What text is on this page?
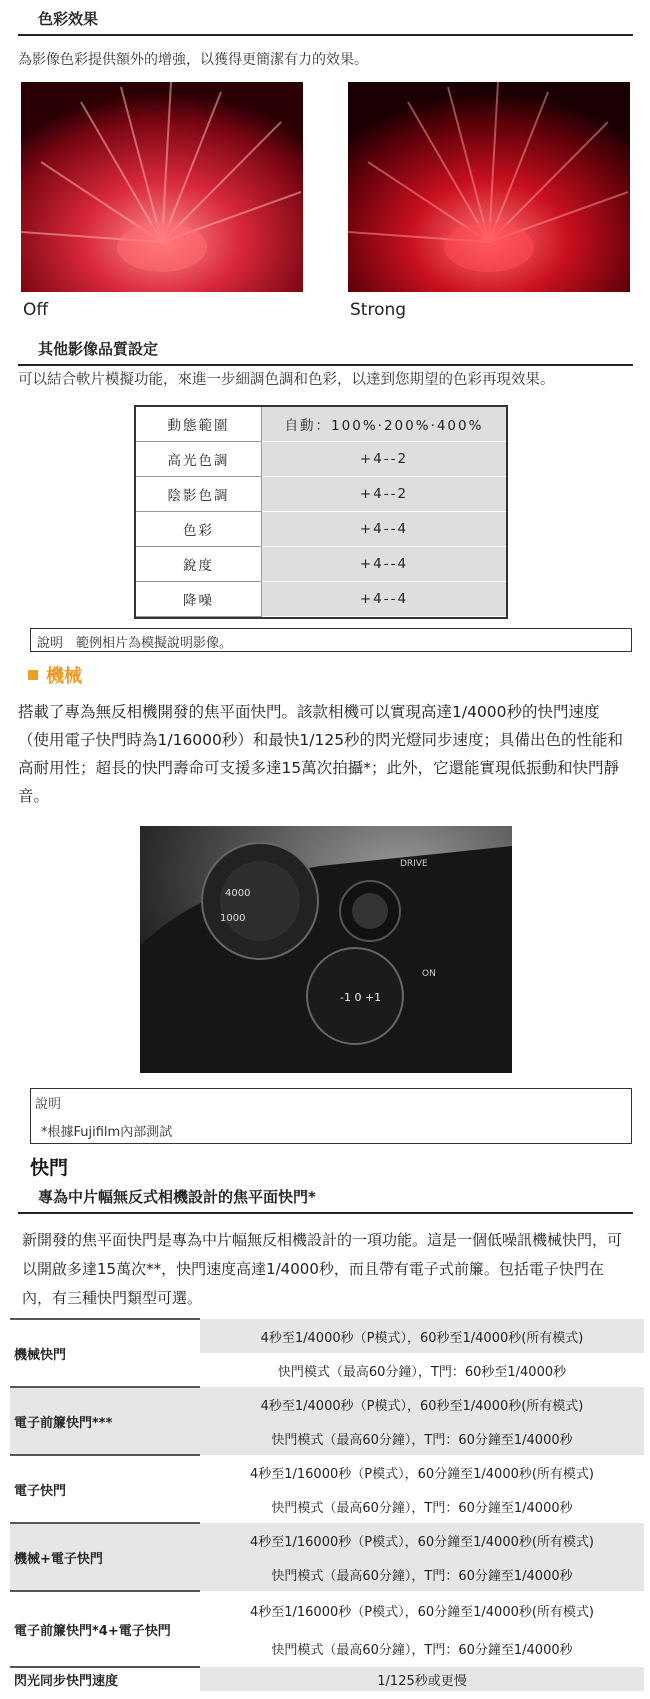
色彩效果
為影像色彩提供額外的增強，以獲得更簡潔有力的效果。
Off	Strong
其他影像品質設定
可以結合軟片模擬功能，來進一步細調色調和色彩，以達到您期望的色彩再現效果。
動態範圍	自動：100%·200%·400%
高光色調	+4--2
陰影色調	+4--2
色彩	+4--4
銳度	+4--4
降噪	+4--4
說明　範例相片為模擬說明影像。
機械
搭載了專為無反相機開發的焦平面快門。該款相機可以實現高達1/4000秒的快門速度（使用電子快門時為1/16000秒）和最快1/125秒的閃光燈同步速度；具備出色的性能和高耐用性；超長的快門壽命可支援多達15萬次拍攝*；此外，它還能實現低振動和快門靜音。
4000
1000
-1 0 +1
DRIVE
ON
說明
*根據Fujifilm內部測試
快門
專為中片幅無反式相機設計的焦平面快門*
新開發的焦平面快門是專為中片幅無反相機設計的一項功能。這是一個低噪訊機械快門，可以開啟多達15萬次**，快門速度高達1/4000秒，而且帶有電子式前簾。包括電子快門在內，有三種快門類型可選。
機械快門	4秒至1/4000秒（P模式），60秒至1/4000秒(所有模式)
	快門模式（最高60分鐘），T門：60秒至1/4000秒
電子前簾快門***	4秒至1/4000秒（P模式），60秒至1/4000秒(所有模式)
	快門模式（最高60分鐘），T門：60分鐘至1/4000秒
電子快門	4秒至1/16000秒（P模式），60分鐘至1/4000秒(所有模式)
	快門模式（最高60分鐘），T門：60分鐘至1/4000秒
機械+電子快門	4秒至1/16000秒（P模式），60分鐘至1/4000秒(所有模式)
	快門模式（最高60分鐘），T門：60分鐘至1/4000秒
電子前簾快門*4+電子快門	4秒至1/16000秒（P模式），60分鐘至1/4000秒(所有模式)
	快門模式（最高60分鐘），T門：60分鐘至1/4000秒
閃光同步快門速度	1/125秒或更慢
